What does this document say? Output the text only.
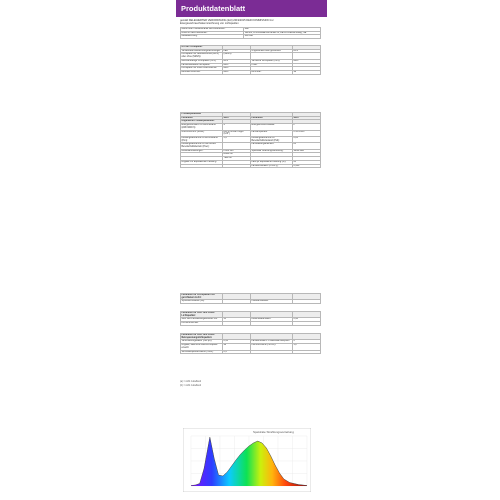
Produktdatenblatt
gemäß DELEGIERTER VERORDNUNG (EU) 2019/2015 DER KOMMISSION zur
Energieverbrauchskennzeichnung von Lichtquellen
Name oder Handelsmarke des Lieferanten:	Star
Anschrift des Lieferanten:	Tamthe, Limnostraat/Vertranas 12, DE-10 Braunschweig, NE
Modellkennung:	100-098
Art der Lichtquelle:			
Verwendete Beleuchtungstechnologie:	LED	Ungebündelt oder gebündelt:	DLS
Lichtquelle mit Netzanschluss (MLS) oder ohne (NMLS):	(NMLS)		
Netzwerkfähige Lichtquelle (CLS):	NLS	Vernetzte Lichtquelle (CLS):	Nein
Farbeinstellbare Lichtquelle:	Nein	Hülle:	
Lichtquelle mit hoher Leuchtdichte:	Nein		
Blendschutzschild:	Nein	Dimmbar:	Ja
Produktparameter			
Parameter	Wert	Parameter	Wert
Allgemeine Produktparameter:			
Energieverbrauch im Ein-Zustand (kWh/1000 h):	9	Energieeffizienzklasse:	F
Nutzlichtstrom (Φuse):	806 in breiter Kegel (120°)	Farbtemperatur:	2700 2400
Leistungsaufnahme im Ein-Zustand (Pon):	5,9	Leistungsaufnahme im Bereitschaftszustand (Psb):	0,00
Leistungsaufnahme im vernetzten Bereitschaftsbetrieb (Pnet):		Farbwiedergabeindex:	80
Außenabmessungen:	Höhe 106	Spektrale Strahlungsverteilung:	Siehe Bild
	Breite 60		
	Tiefe 60		
Angabe zur äquivalenten Leistung:		Falls ja: äquivalente Leistung (W):	60
		Farbkoordinaten (x und y):	0,460
Parameter für Lichtquellen mit gerichtetem Licht:			
Spitzenlichtstärke (cd):		Halbwertswinkel:	
Parameter für LED- und OLED-Lichtquellen:			
Wert des Farbwiedergabeindex R9:	15	Lebensdauerfaktor:	0,90
Lichtstromerhalt:			
Parameter für LED- und OLED-Netzspannungslichtquellen:			
Verschiebungsfaktor (cos φ1):	0,50	Farbkonsistenz in MacAdam-Ellipsen:	6
Angabe, dass eine LED-Lichtquelle ersetzt:	Ja	Flimmermetrik (Pst LM):	1,0
Stroboskopeffekt-Metrik (SVM):	0,4		
(a) = nicht zutreffend
(b) = nicht zutreffend
Spektrale Strahlungsverteilung
